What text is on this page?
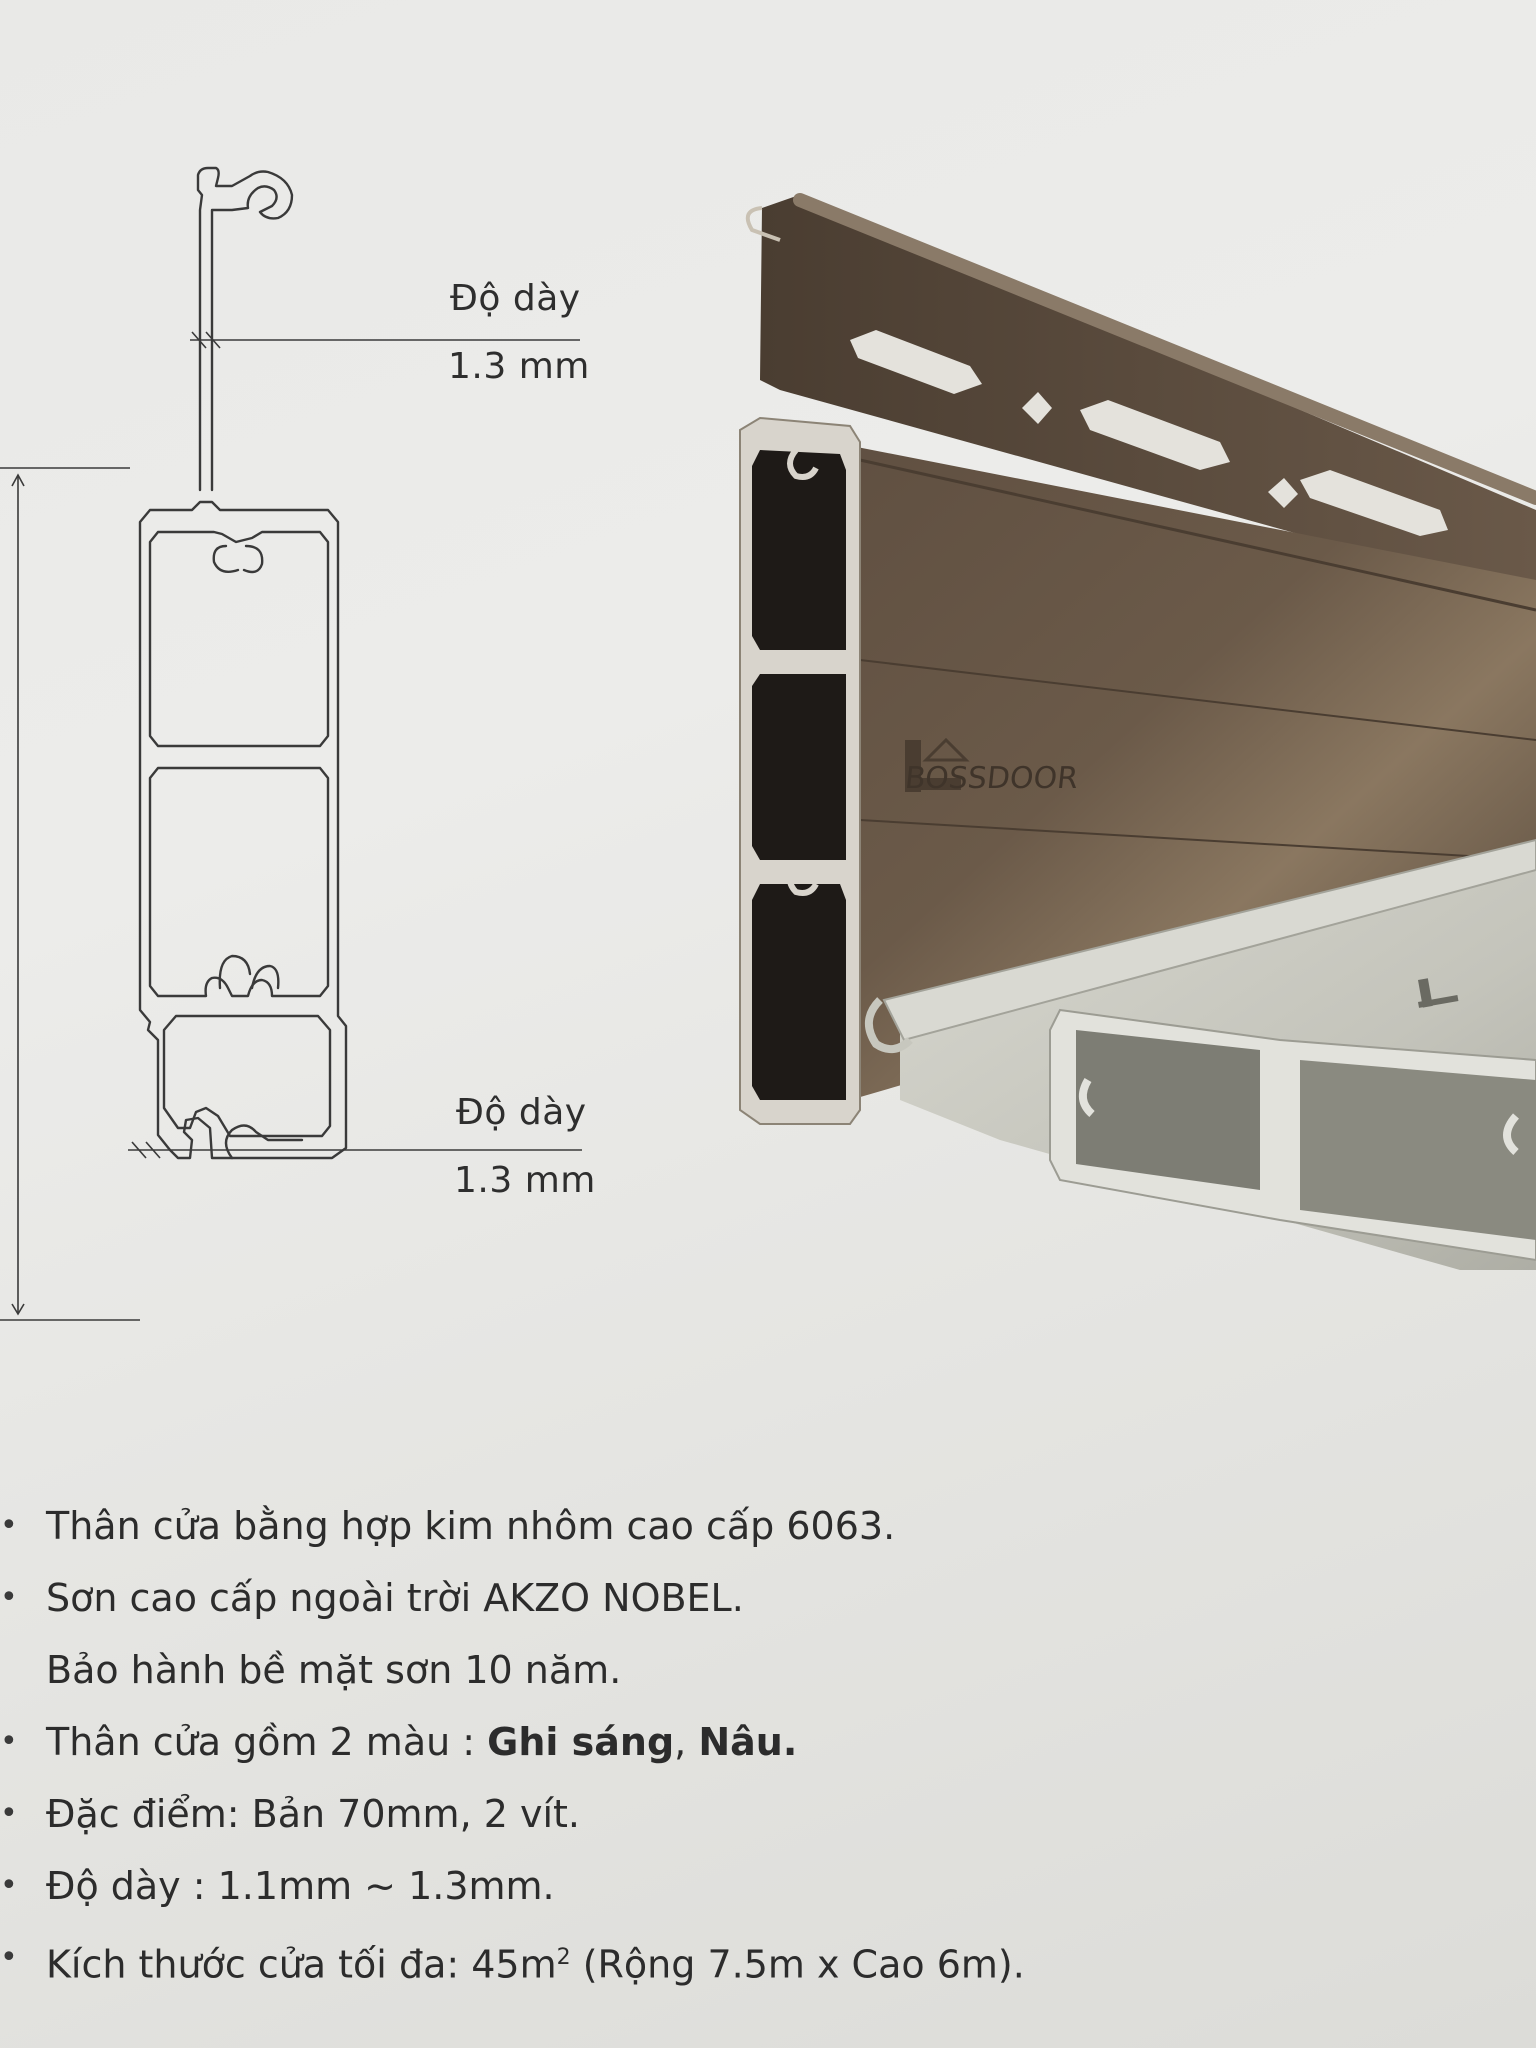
Độ dày
1.3 mm
Độ dày
1.3 mm
BOSSDOOR
• Thân cửa bằng hợp kim nhôm cao cấp 6063.
• Sơn cao cấp ngoài trời AKZO NOBEL.
Bảo hành bề mặt sơn 10 năm.
• Thân cửa gồm 2 màu : Ghi sáng, Nâu.
• Đặc điểm: Bản 70mm, 2 vít.
• Độ dày : 1.1mm ~ 1.3mm.
• Kích thước cửa tối đa: $45m^2$ (Rộng 7.5m x Cao 6m).
